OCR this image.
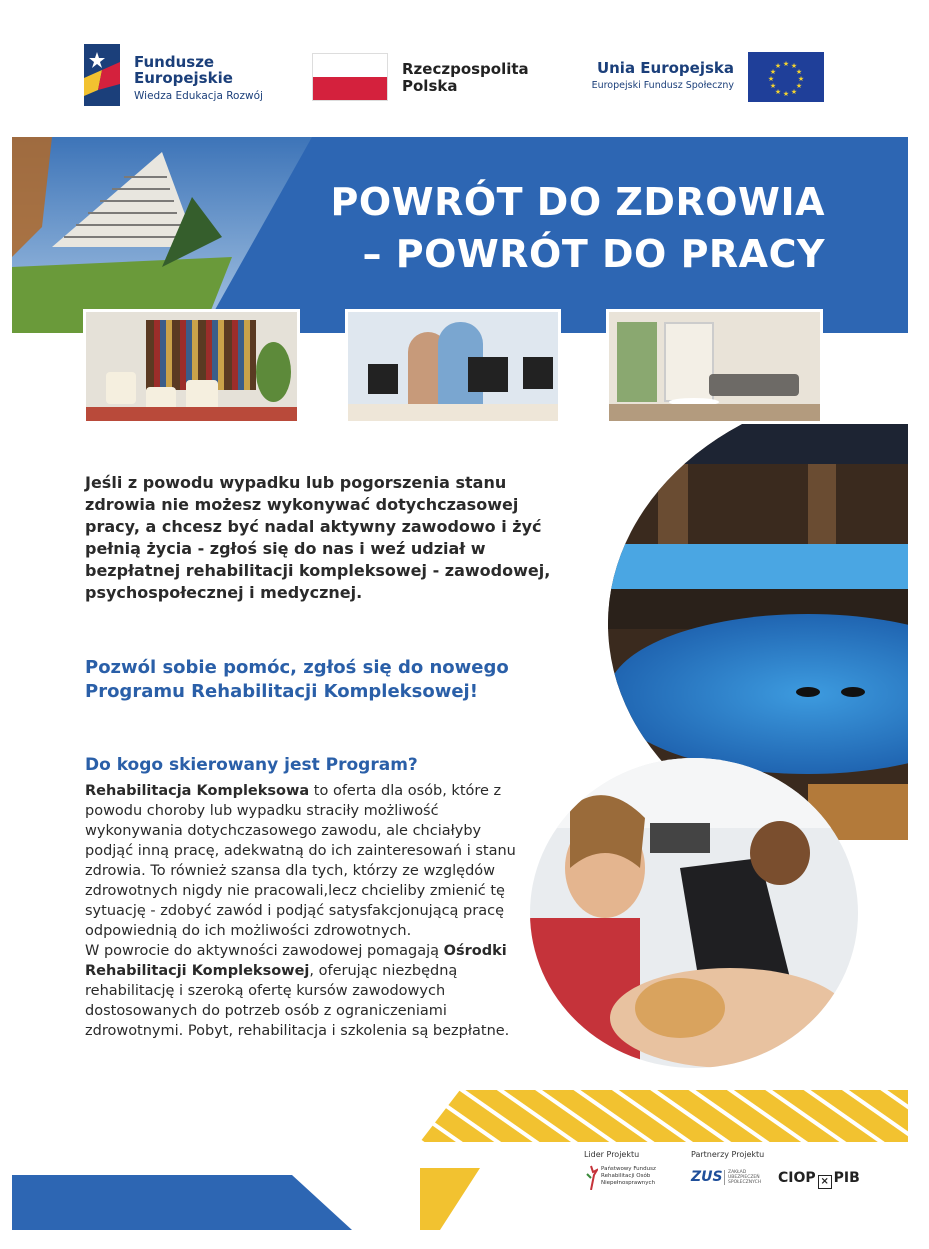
Fundusze Europejskie
Wiedza Edukacja Rozwój
Rzeczpospolita Polska
Unia Europejska
Europejski Fundusz Społeczny
★ ★
★
★
★
★
★
★
★
★
★
★
POWRÓT DO ZDROWIA
– POWRÓT DO PRACY
Jeśli z powodu wypadku lub pogorszenia stanu zdrowia nie możesz wykonywać dotychczasowej pracy, a chcesz być nadal aktywny zawodowo i żyć pełnią życia - zgłoś się do nas i weź udział w bezpłatnej rehabilitacji kompleksowej - zawodowej, psychospołecznej i medycznej.
Pozwól sobie pomóc, zgłoś się do nowego Programu Rehabilitacji Kompleksowej!
Do kogo skierowany jest Program?
Rehabilitacja Kompleksowa to oferta dla osób, które z powodu choroby lub wypadku straciły możliwość wykonywania dotychczasowego zawodu, ale chciałyby podjąć inną pracę, adekwatną do ich zainteresowań i stanu zdrowia. To również szansa dla tych, którzy ze względów zdrowotnych nigdy nie pracowali,lecz chcieliby zmienić tę sytuację - zdobyć zawód i podjąć satysfakcjonującą pracę odpowiednią do ich możliwości zdrowotnych.
W powrocie do aktywności zawodowej pomagają Ośrodki Rehabilitacji Kompleksowej, oferując niezbędną rehabilitację i szeroką ofertę kursów zawodowych dostosowanych do potrzeb osób z ograniczeniami zdrowotnymi. Pobyt, rehabilitacja i szkolenia są bezpłatne.
Lider Projektu	Partnerzy Projektu
Państwowy Fundusz Rehabilitacji Osób Niepełnosprawnych	ZUS	ZAKŁAD UBEZPIECZEŃ SPOŁECZNYCH CIOP ⨯ PIB
